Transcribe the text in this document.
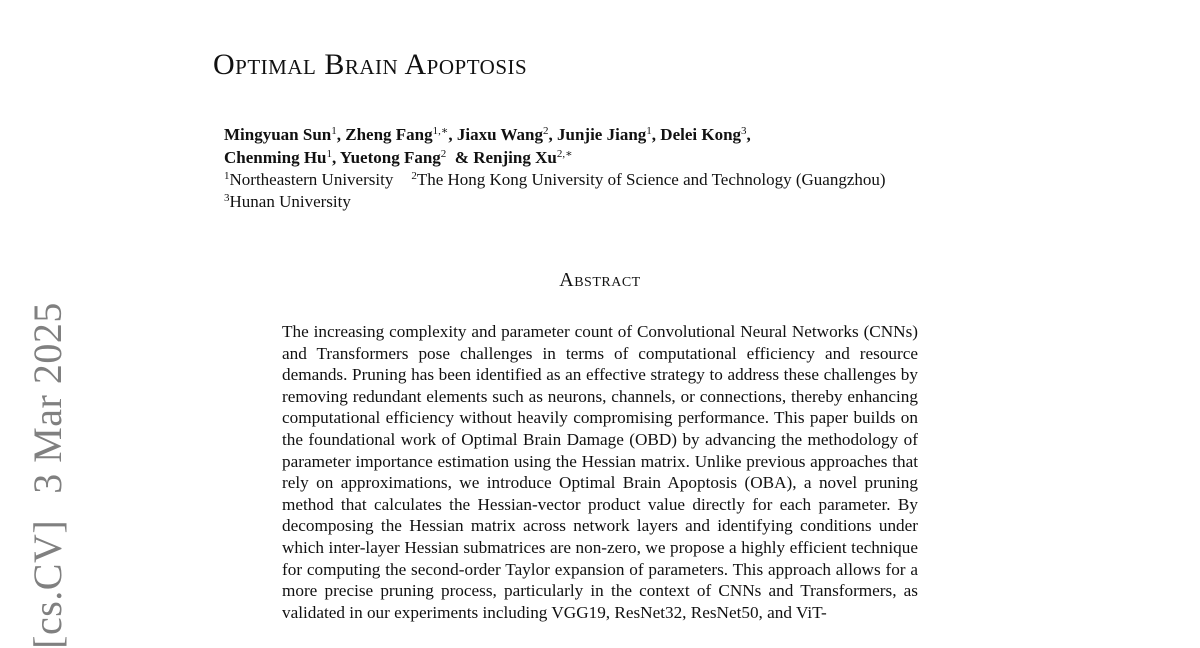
[cs.CV]3 Mar 2025
Optimal Brain Apoptosis
Mingyuan Sun$^1$, Zheng Fang$^{1,∗}$, Jiaxu Wang$^2$, Junjie Jiang$^1$, Delei Kong$^3$,
Chenming Hu$^1$, Yuetong Fang$^2$ & Renjing $Xu^{2,∗}$
$^1$Northeastern University $^2$The Hong Kong University of Science and Technology (Guangzhou)
$^3$Hunan University
Abstract

The increasing complexity and parameter count of Convolutional Neural Networks (CNNs) and Transformers pose challenges in terms of computational efficiency and resource demands. Pruning has been identified as an effective strategy to address these challenges by removing redundant elements such as neurons, channels, or connections, thereby enhancing computational efficiency without heavily compromising performance. This paper builds on the foundational work of Optimal Brain Damage (OBD) by advancing the methodology of parameter importance estimation using the Hessian matrix. Unlike previous approaches that rely on approximations, we introduce Optimal Brain Apoptosis (OBA), a novel pruning method that calculates the Hessian-vector product value directly for each parameter. By decomposing the Hessian matrix across network layers and identifying conditions under which inter-layer Hessian submatrices are non-zero, we propose a highly efficient technique for computing the second-order Taylor expansion of parameters. This approach allows for a more precise pruning process, particularly in the context of CNNs and Transformers, as validated in our experiments including VGG19, ResNet32, ResNet50, and ViT-
